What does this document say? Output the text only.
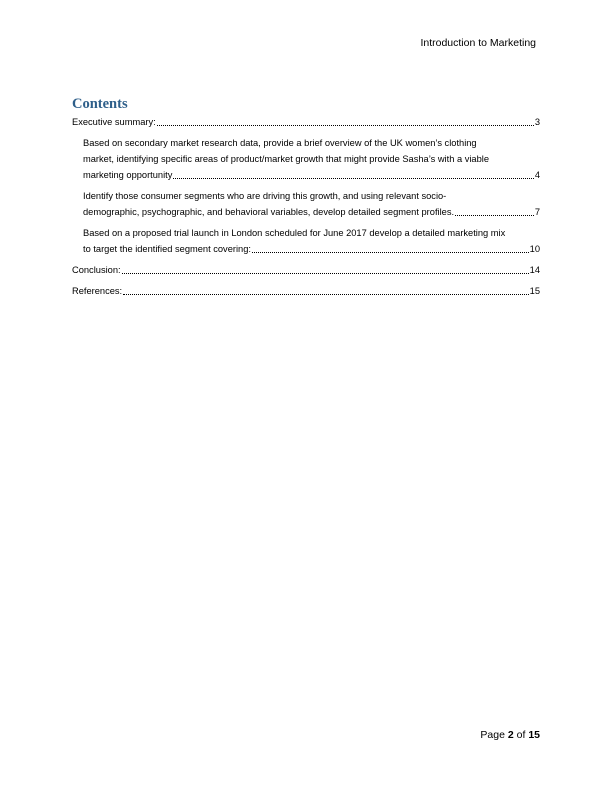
Introduction to Marketing
Contents
Executive summary:	3
Based on secondary market research data, provide a brief overview of the UK women’s clothing
market, identifying specific areas of product/market growth that might provide Sasha’s with a viable
marketing opportunity	4
Identify those consumer segments who are driving this growth, and using relevant socio-
demographic, psychographic, and behavioral variables, develop detailed segment profiles.	7
Based on a proposed trial launch in London scheduled for June 2017 develop a detailed marketing mix
to target the identified segment covering:	10
Conclusion:	14
References:	15
Page 2 of 15
